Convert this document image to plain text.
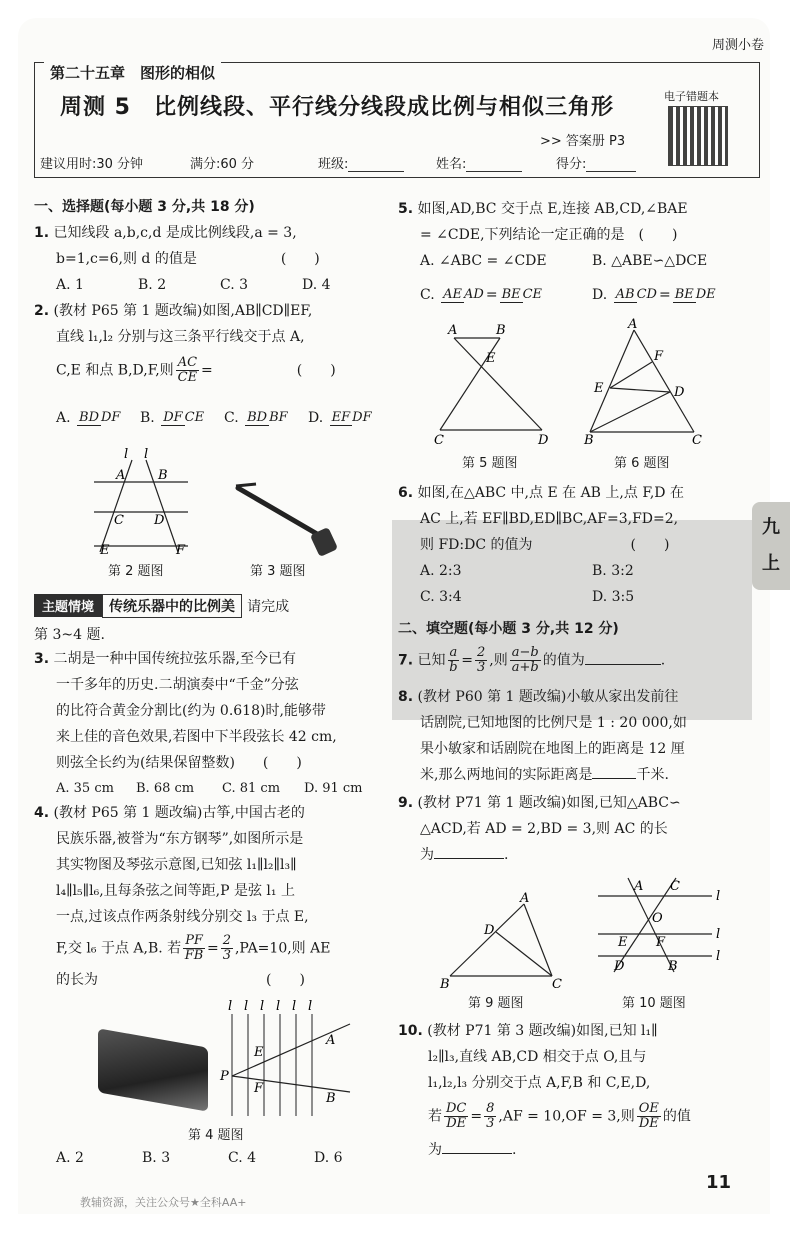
周测小卷
第二十五章　图形的相似
周测 5　比例线段、平行线分线段成比例与相似三角形
>> 答案册 P3
电子错题本
建议用时:30 分钟	满分:60 分	班级:	姓名:	得分:
一、选择题(每小题 3 分,共 18 分)
1. 已知线段 a,b,c,d 是成比例线段,a = 3,
b=1,c=6,则 d 的值是　　　　　　(　　)
A. 1	B. 2	C. 3	D. 4
2. (教材 P65 第 1 题改编)如图,AB∥CD∥EF,
直线 l₁,l₂ 分别与这三条平行线交于点 A,
C,E 和点 B,D,F,则 $\frac{AC}{CE}$ =　　　　　　(　　)
A. BD DF B. DF CE C. BD BF D. EF DF
l l
A	B
C D
E	F
第 2 题图	第 3 题图
主题情境 传统乐器中的比例美 请完成
第 3~4 题.
3. 二胡是一种中国传统拉弦乐器,至今已有
一千多年的历史.二胡演奏中“千金”分弦
的比符合黄金分割比(约为 0.618)时,能够带
来上佳的音色效果,若图中下半段弦长 42 cm,
则弦全长约为(结果保留整数)　　(　　)
A. 35 cm B. 68 cm C. 81 cm D. 91 cm
4. (教材 P65 第 1 题改编)古筝,中国古老的
民族乐器,被誉为“东方钢琴”,如图所示是
其实物图及琴弦示意图,已知弦 l₁∥l₂∥l₃∥
l₄∥l₅∥l₆,且每条弦之间等距,P 是弦 l₁ 上
一点,过该点作两条射线分别交 l₃ 于点 E,
F,交 l₆ 于点 A,B. 若 $\frac{PF}{FB} = \frac{2}{3} ,PA=10$,则 AE
的长为　　　　　　　　　　　　(　　)
l l l l l l
P
E
F
A
B
第 4 题图
A. 2	B. 3	C. 4	D. 6
5. 如图,AD,BC 交于点 E,连接 AB,CD,∠BAE
= ∠CDE,下列结论一定正确的是　(　　)
A. ∠ABC = ∠CDE	B. △ABE∽△DCE
C. AE AD = BE CE	D. AB CD = BE DE
A	B
E
C	D
第 5 题图
A
F
E	D
B	C
第 6 题图
6. 如图,在△ABC 中,点 E 在 AB 上,点 F,D 在
AC 上,若 EF∥BD,ED∥BC,AF=3,FD=2,
则 FD:DC 的值为　　　　　　　(　　)
A. 2:3	B. 3:2
C. 3:4	D. 3:5
二、填空题(每小题 3 分,共 12 分)
7. 已知 $\frac{a}{b} = \frac{2}{3}$ ,则 $\frac{a-b}{a+b}$ 的值为	.
8. (教材 P60 第 1 题改编)小敏从家出发前往
话剧院,已知地图的比例尺是 1 : 20 000,如
果小敏家和话剧院在地图上的距离是 12 厘
米,那么两地间的实际距离是	千米.
9. (教材 P71 第 1 题改编)如图,已知△ABC∽
△ACD,若 AD = 2,BD = 3,则 AC 的长
为	.
A
D
B	C
第 9 题图
A C
O
E F
D	B
l
l
l
第 10 题图
10. (教材 P71 第 3 题改编)如图,已知 l₁∥
l₂∥l₃,直线 AB,CD 相交于点 O,且与
l₁,l₂,l₃ 分别交于点 A,F,B 和 C,E,D,
若 $\frac{DC}{DE} = \frac{8}{3} ,AF = 10,OF = 3$,则 $\frac{OE}{DE}$ 的值
为	.
九
上
11
教辅资源，关注公众号★全科AA+
